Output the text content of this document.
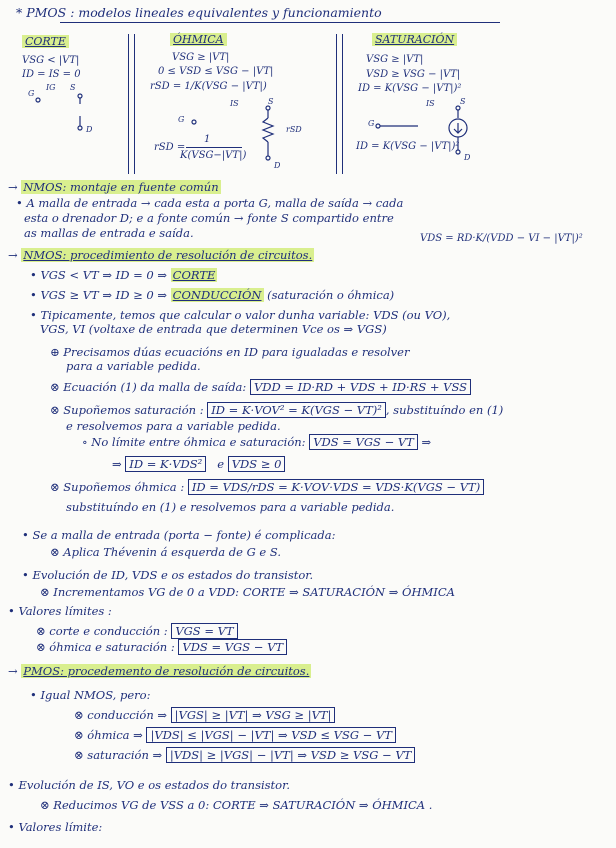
* PMOS : modelos lineales equivalentes y funcionamiento
CORTE
VSG < |VT|
ID = IS = 0
G
S
IG
D
ÓHMICA
VSG ≥ |VT|
0 ≤ VSD ≤ VSG − |VT|
rSD = 1/K(VSG − |VT|)
IS	S
D
rSD
G
rSD =
1
K(VSG−|VT|)
SATURACIÓN
VSG ≥ |VT|
VSD ≥ VSG − |VT|
ID = K(VSG − |VT|)²
IS	S
D
G
ID = K(VSG − |VT|)²
→ NMOS: montaje en fuente común
• A malla de entrada → cada esta a porta G, malla de saída → cada
esta o drenador D; e a fonte común → fonte S compartido entre
as mallas de entrada e saída.	VDS = RD·K/(VDD − VI − |VT|)²
→ NMOS: procedimiento de resolución de circuitos.
• VGS < VT ⇒ ID = 0 ⇒ CORTE
• VGS ≥ VT ⇒ ID ≥ 0 ⇒ CONDUCCIÓN (saturación o óhmica)
• Tipicamente, temos que calcular o valor dunha variable: VDS (ou VO),
VGS, VI (voltaxe de entrada que determinen Vce os ⇒ VGS)
⊕ Precisamos dúas ecuacións en ID para igualadas e resolver
para a variable pedida.
⊗ Ecuación (1) da malla de saída: VDD = ID·RD + VDS + ID·RS + VSS
⊗ Supoñemos saturación : ID = K·VOV² = K(VGS − VT)² , substituíndo en (1)
e resolvemos para a variable pedida.
∘ No límite entre óhmica e saturación: VDS = VGS − VT ⇒
⇒ ID = K·VDS² e VDS ≥ 0
⊗ Supoñemos óhmica : ID = VDS/rDS = K·VOV·VDS = VDS·K(VGS − VT)
substituíndo en (1) e resolvemos para a variable pedida.
• Se a malla de entrada (porta − fonte) é complicada:
⊗ Aplica Thévenin á esquerda de G e S.
• Evolución de ID, VDS e os estados do transistor.
⊗ Incrementamos VG de 0 a VDD: CORTE ⇒ SATURACIÓN ⇒ ÓHMICA
• Valores límites :
⊗ corte e conducción : VGS = VT
⊗ óhmica e saturación : VDS = VGS − VT
→ PMOS: procedemento de resolución de circuitos.
• Igual NMOS, pero:
⊗ conducción ⇒ |VGS| ≥ |VT| ⇒ VSG ≥ |VT|
⊗ óhmica ⇒ |VDS| ≤ |VGS| − |VT| ⇒ VSD ≤ VSG − VT
⊗ saturación ⇒ |VDS| ≥ |VGS| − |VT| ⇒ VSD ≥ VSG − VT
• Evolución de IS, VO e os estados do transistor.
⊗ Reducimos VG de VSS a 0: CORTE ⇒ SATURACIÓN ⇒ ÓHMICA .
• Valores límite:
